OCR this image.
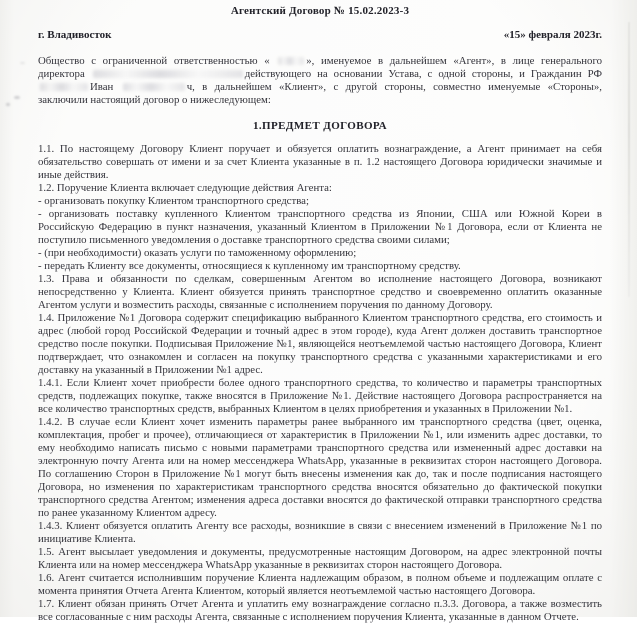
Агентский Договор № 15.02.2023-3
г. Владивосток	«15» февраля 2023г.
Общество с ограниченной ответственностью «	», именуемое в дальнейшем «Агент», в лице генерального директора	действующего на основании Устава, с одной стороны, и Гражданин РФ Иван	ч, в дальнейшем «Клиент», с другой стороны, совместно именуемые «Стороны», заключили настоящий договор о нижеследующем:
1.ПРЕДМЕТ ДОГОВОРА

1.1. По настоящему Договору Клиент поручает и обязуется оплатить вознаграждение, а Агент принимает на себя обязательство совершать от имени и за счет Клиента указанные в п. 1.2 настоящего Договора юридически значимые и иные действия.

1.2. Поручение Клиента включает следующие действия Агента:

- организовать покупку Клиентом транспортного средства;

- организовать поставку купленного Клиентом транспортного средства из Японии, США или Южной Кореи в Российскую Федерацию в пункт назначения, указанный Клиентом в Приложении №1 Договора, если от Клиента не поступило письменного уведомления о доставке транспортного средства своими силами;

- (при необходимости) оказать услуги по таможенному оформлению;

- передать Клиенту все документы, относящиеся к купленному им транспортному средству.

1.3. Права и обязанности по сделкам, совершенным Агентом во исполнение настоящего Договора, возникают непосредственно у Клиента. Клиент обязуется принять транспортное средство и своевременно оплатить оказанные Агентом услуги и возместить расходы, связанные с исполнением поручения по данному Договору.

1.4. Приложение №1 Договора содержит спецификацию выбранного Клиентом транспортного средства, его стоимость и адрес (любой город Российской Федерации и точный адрес в этом городе), куда Агент должен доставить транспортное средство после покупки. Подписывая Приложение №1, являющейся неотъемлемой частью настоящего Договора, Клиент подтверждает, что ознакомлен и согласен на покупку транспортного средства с указанными характеристиками и его доставку на указанный в Приложении №1 адрес.

1.4.1. Если Клиент хочет приобрести более одного транспортного средства, то количество и параметры транспортных средств, подлежащих покупке, также вносятся в Приложение №1. Действие настоящего Договора распространяется на все количество транспортных средств, выбранных Клиентом в целях приобретения и указанных в Приложении №1.

1.4.2. В случае если Клиент хочет изменить параметры ранее выбранного им транспортного средства (цвет, оценка, комплектация, пробег и прочее), отличающиеся от характеристик в Приложении №1, или изменить адрес доставки, то ему необходимо написать письмо с новыми параметрами транспортного средства или измененный адрес доставки на электронную почту Агента или на номер мессенджера WhatsApp, указанные в реквизитах сторон настоящего Договора. По соглашению Сторон в Приложение №1 могут быть внесены изменения как до, так и после подписания настоящего Договора, но изменения по характеристикам транспортного средства вносятся обязательно до фактической покупки транспортного средства Агентом; изменения адреса доставки вносятся до фактической отправки транспортного средства по ранее указанному Клиентом адресу.

1.4.3. Клиент обязуется оплатить Агенту все расходы, возникшие в связи с внесением изменений в Приложение №1 по инициативе Клиента.

1.5. Агент высылает уведомления и документы, предусмотренные настоящим Договором, на адрес электронной почты Клиента или на номер мессенджера WhatsApp указанные в реквизитах сторон настоящего Договора.

1.6. Агент считается исполнившим поручение Клиента надлежащим образом, в полном объеме и подлежащим оплате с момента принятия Отчета Агента Клиентом, который является неотъемлемой частью настоящего Договора.

1.7. Клиент обязан принять Отчет Агента и уплатить ему вознаграждение согласно п.3.3. Договора, а также возместить все согласованные с ним расходы Агента, связанные с исполнением поручения Клиента, указанные в данном Отчете.
